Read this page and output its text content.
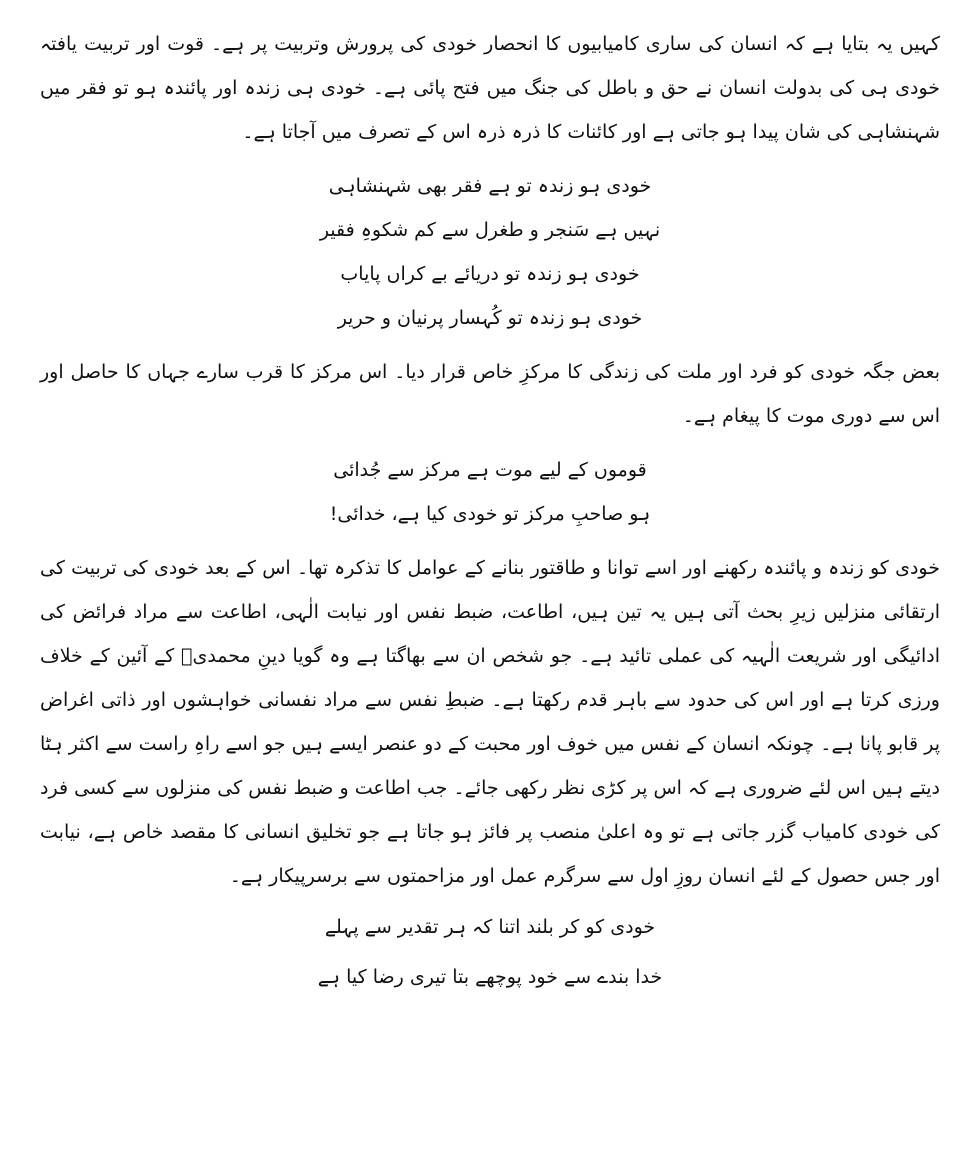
کہیں یہ بتایا ہے کہ انسان کی ساری کامیابیوں کا انحصار خودی کی پرورش وتربیت پر ہے۔ قوت اور تربیت یافتہ خودی ہی کی بدولت انسان نے حق و باطل کی جنگ میں فتح پائی ہے۔ خودی ہی زندہ اور پائندہ ہو تو فقر میں شہنشاہی کی شان پیدا ہو جاتی ہے اور کائنات کا ذرہ ذرہ اس کے تصرف میں آجاتا ہے۔

خودی ہو زندہ تو ہے فقر بھی شہنشاہی
نہیں ہے سَنجر و طغرل سے کم شکوہِ فقیر
خودی ہو زندہ تو دریائے بے کراں پایاب
خودی ہو زندہ تو کُہسار پرنیان و حریر

بعض جگہ خودی کو فرد اور ملت کی زندگی کا مرکزِ خاص قرار دیا۔ اس مرکز کا قرب سارے جہاں کا حاصل اور اس سے دوری موت کا پیغام ہے۔

قوموں کے لیے موت ہے مرکز سے جُدائی
ہو صاحبِ مرکز تو خودی کیا ہے، خدائی!

خودی کو زندہ و پائندہ رکھنے اور اسے توانا و طاقتور بنانے کے عوامل کا تذکرہ تھا۔ اس کے بعد خودی کی تربیت کی ارتقائی منزلیں زیرِ بحث آتی ہیں یہ تین ہیں، اطاعت، ضبط نفس اور نیابت الٰہی، اطاعت سے مراد فرائض کی ادائیگی اور شریعت الٰہیہ کی عملی تائید ہے۔ جو شخص ان سے بھاگتا ہے وہ گویا دینِ محمدیؐ کے آئین کے خلاف ورزی کرتا ہے اور اس کی حدود سے باہر قدم رکھتا ہے۔ ضبطِ نفس سے مراد نفسانی خواہشوں اور ذاتی اغراض پر قابو پانا ہے۔ چونکہ انسان کے نفس میں خوف اور محبت کے دو عنصر ایسے ہیں جو اسے راہِ راست سے اکثر ہٹا دیتے ہیں اس لئے ضروری ہے کہ اس پر کڑی نظر رکھی جائے۔ جب اطاعت و ضبط نفس کی منزلوں سے کسی فرد کی خودی کامیاب گزر جاتی ہے تو وہ اعلیٰ منصب پر فائز ہو جاتا ہے جو تخلیق انسانی کا مقصد خاص ہے، نیابت اور جس حصول کے لئے انسان روزِ اول سے سرگرم عمل اور مزاحمتوں سے برسرپیکار ہے۔

خودی کو کر بلند اتنا کہ ہر تقدیر سے پہلے
خدا بندے سے خود پوچھے بتا تیری رضا کیا ہے
